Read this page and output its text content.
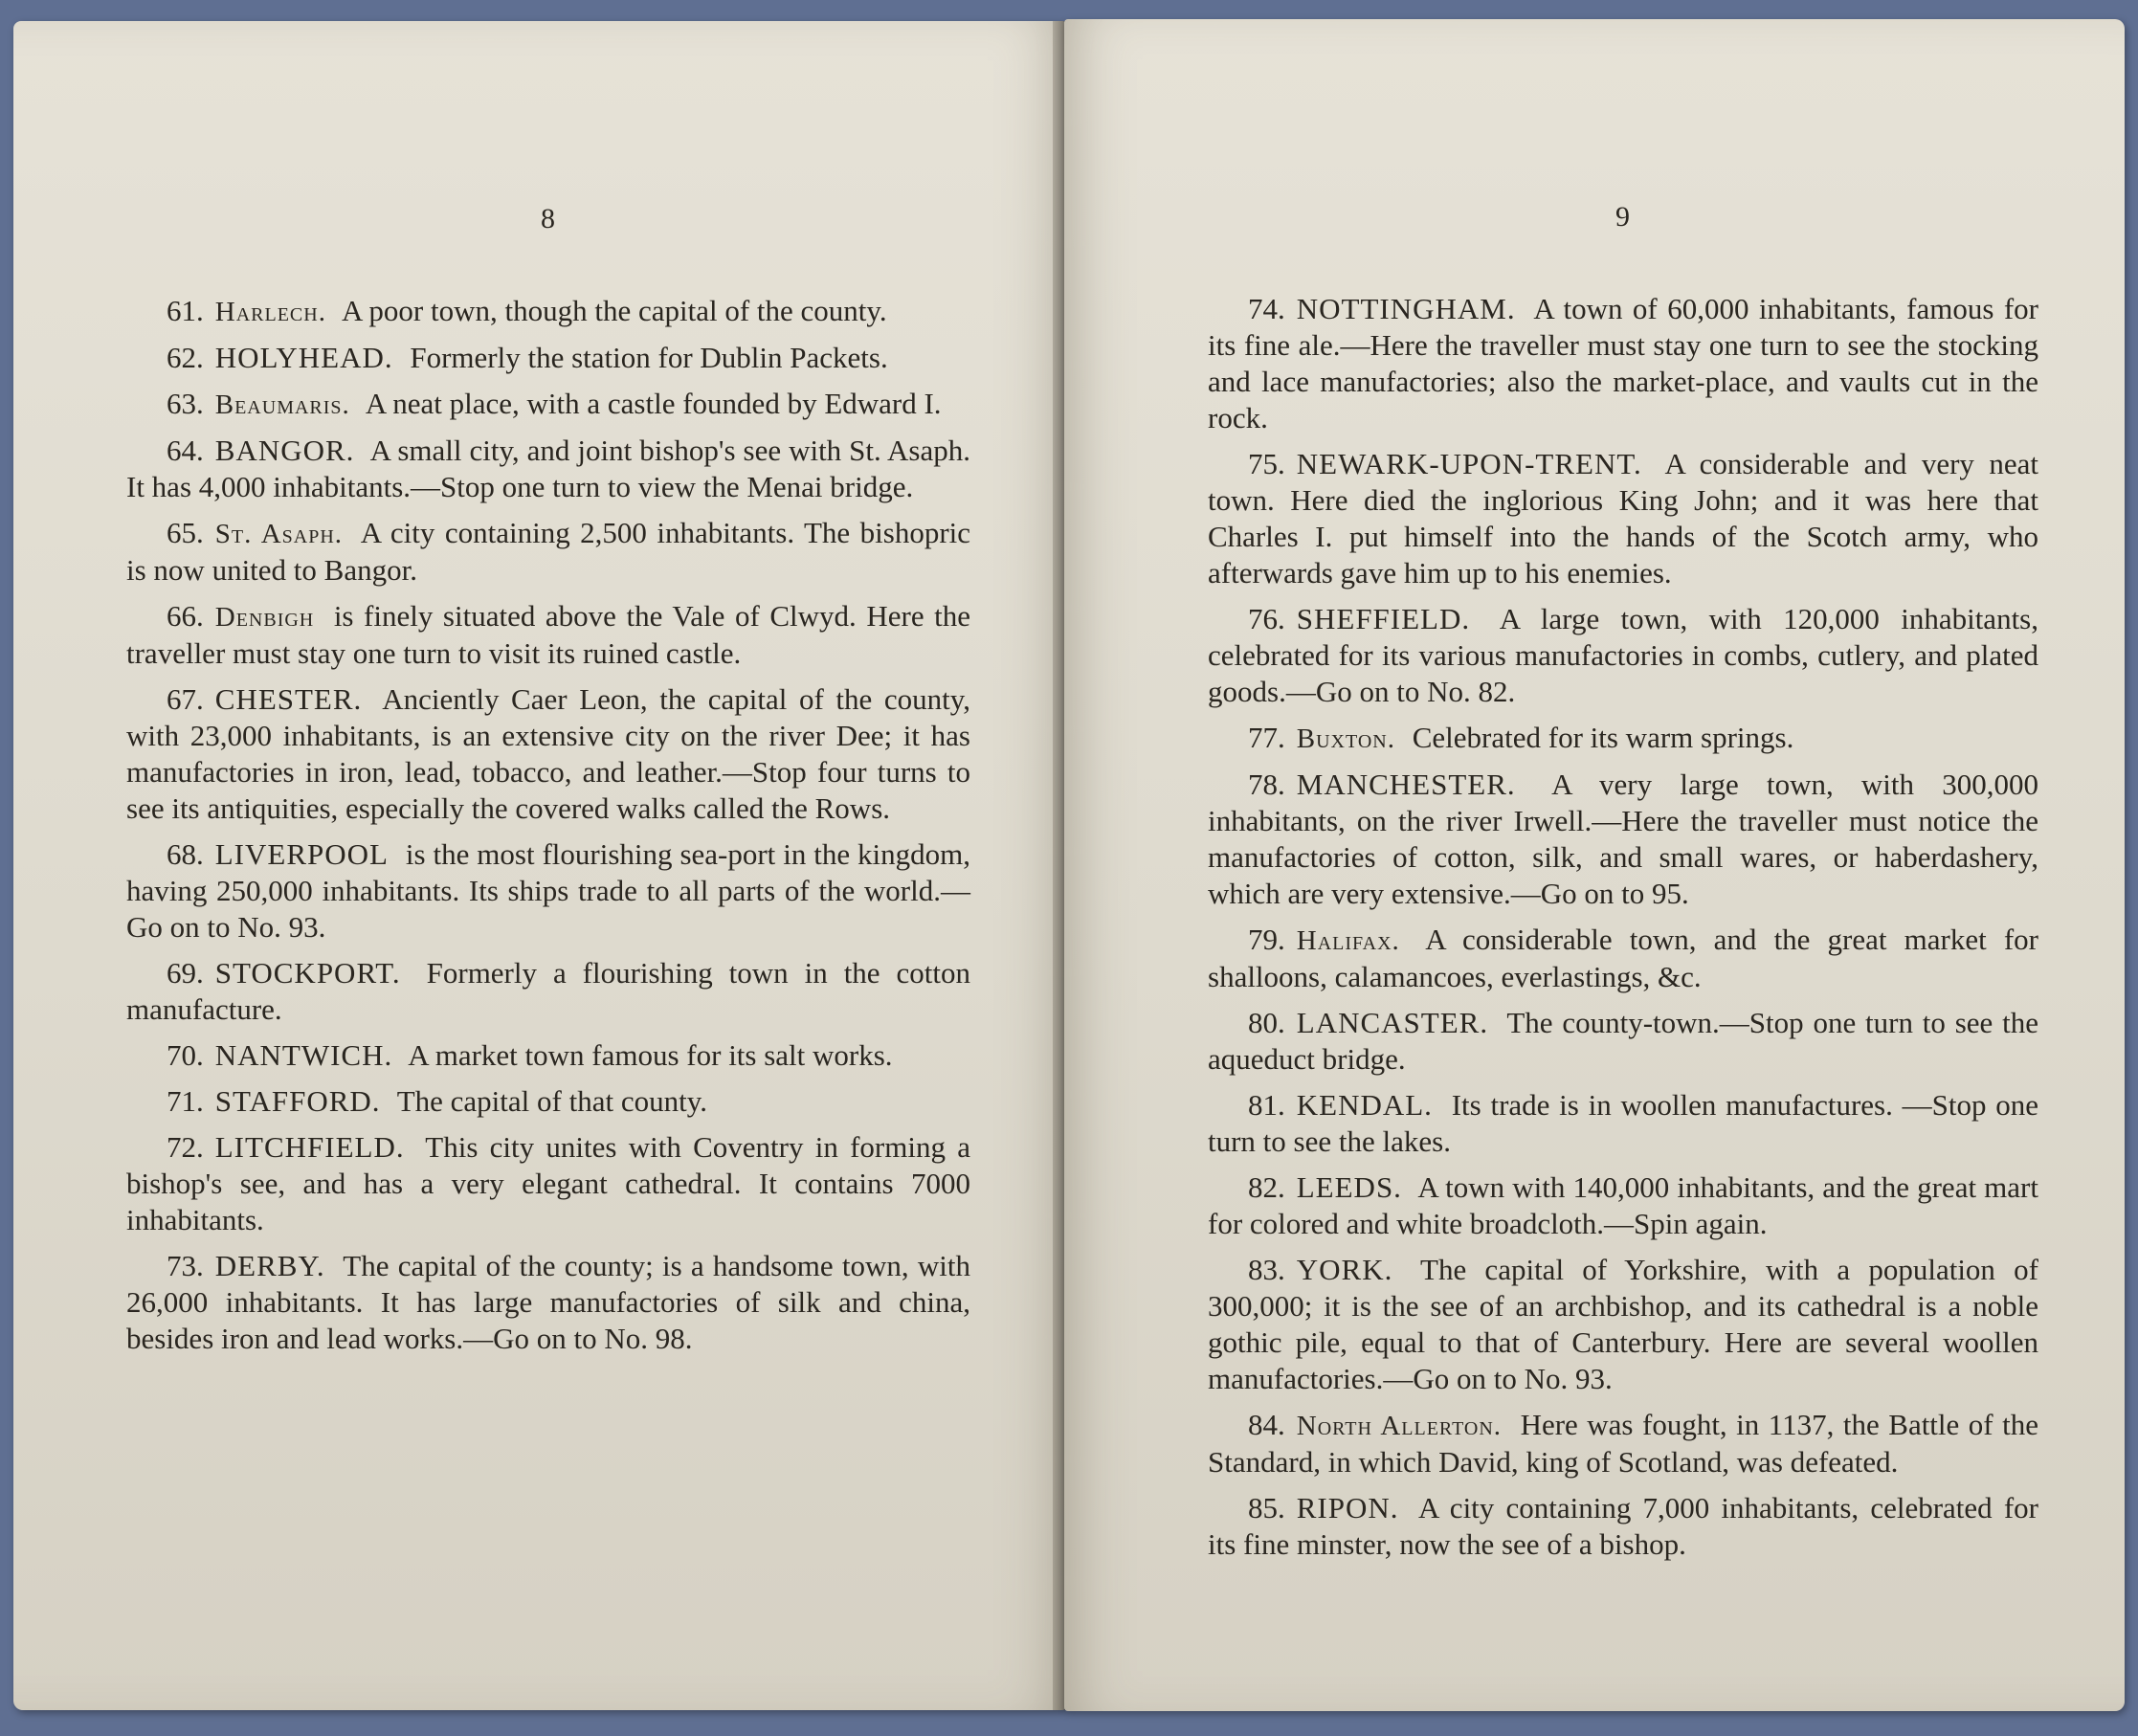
8

61. Harlech. A poor town, though the capital of the county.

62. HOLYHEAD. Formerly the station for Dublin Packets.

63. Beaumaris. A neat place, with a castle founded by Edward I.

64. BANGOR. A small city, and joint bishop's see with St. Asaph. It has 4,000 inhabitants.—Stop one turn to view the Menai bridge.

65. St. Asaph. A city containing 2,500 inhabitants. The bishopric is now united to Bangor.

66. Denbigh is finely situated above the Vale of Clwyd. Here the traveller must stay one turn to visit its ruined castle.

67. CHESTER. Anciently Caer Leon, the capital of the county, with 23,000 inhabitants, is an extensive city on the river Dee; it has manufactories in iron, lead, tobacco, and leather.—Stop four turns to see its antiquities, especially the covered walks called the Rows.

68. LIVERPOOL is the most flourishing sea-port in the kingdom, having 250,000 inhabitants. Its ships trade to all parts of the world.—Go on to No. 93.

69. STOCKPORT. Formerly a flourishing town in the cotton manufacture.

70. NANTWICH. A market town famous for its salt works.

71. STAFFORD. The capital of that county.

72. LITCHFIELD. This city unites with Coventry in forming a bishop's see, and has a very elegant cathedral. It contains 7000 inhabitants.

73. DERBY. The capital of the county; is a handsome town, with 26,000 inhabitants. It has large manufactories of silk and china, besides iron and lead works.—Go on to No. 98.

9

74. NOTTINGHAM. A town of 60,000 inhabitants, famous for its fine ale.—Here the traveller must stay one turn to see the stocking and lace manufactories; also the market-place, and vaults cut in the rock.

75. NEWARK-UPON-TRENT. A considerable and very neat town. Here died the inglorious King John; and it was here that Charles I. put himself into the hands of the Scotch army, who afterwards gave him up to his enemies.

76. SHEFFIELD. A large town, with 120,000 inhabitants, celebrated for its various manufactories in combs, cutlery, and plated goods.—Go on to No. 82.

77. Buxton. Celebrated for its warm springs.

78. MANCHESTER. A very large town, with 300,000 inhabitants, on the river Irwell.—Here the traveller must notice the manufactories of cotton, silk, and small wares, or haberdashery, which are very extensive.—Go on to 95.

79. Halifax. A considerable town, and the great market for shalloons, calamancoes, everlastings, &c.

80. LANCASTER. The county-town.—Stop one turn to see the aqueduct bridge.

81. KENDAL. Its trade is in woollen manufactures. —Stop one turn to see the lakes.

82. LEEDS. A town with 140,000 inhabitants, and the great mart for colored and white broadcloth.—Spin again.

83. YORK. The capital of Yorkshire, with a population of 300,000; it is the see of an archbishop, and its cathedral is a noble gothic pile, equal to that of Canterbury. Here are several woollen manufactories.—Go on to No. 93.

84. North Allerton. Here was fought, in 1137, the Battle of the Standard, in which David, king of Scotland, was defeated.

85. RIPON. A city containing 7,000 inhabitants, celebrated for its fine minster, now the see of a bishop.
